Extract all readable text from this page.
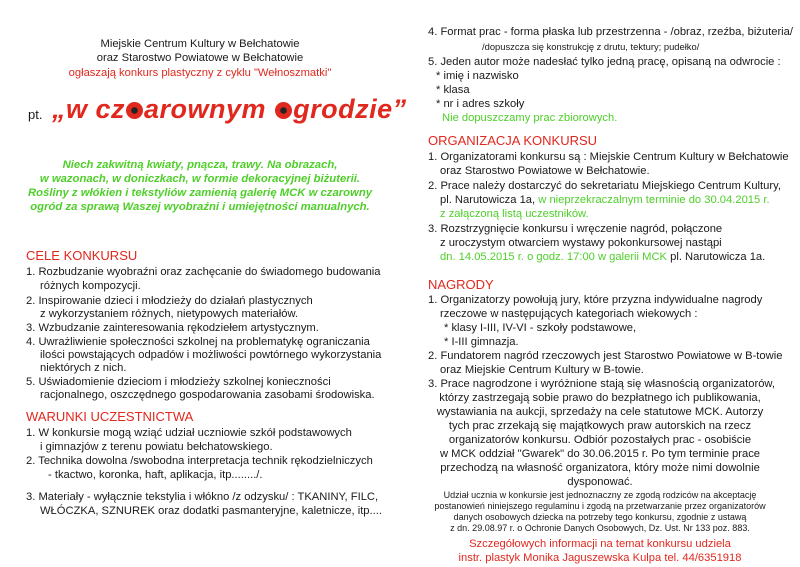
Miejskie Centrum Kultury w Bełchatowie
oraz Starostwo Powiatowe w Bełchatowie
ogłaszają konkurs plastyczny z cyklu "Wełnoszmatki"
pt. „w cz arownym grodzie”
Niech zakwitną kwiaty, pnącza, trawy. Na obrazach,
w wazonach, w doniczkach, w formie dekoracyjnej biżuterii.
Rośliny z włókien i tekstyliów zamienią galerię MCK w czarowny
ogród za sprawą Waszej wyobraźni i umiejętności manualnych.
CELE KONKURSU
1. Rozbudzanie wyobraźni oraz zachęcanie do świadomego budowania
różnych kompozycji.
2. Inspirowanie dzieci i młodzieży do działań plastycznych
z wykorzystaniem różnych, nietypowych materiałów.
3. Wzbudzanie zainteresowania rękodziełem artystycznym.
4. Uwrażliwienie społeczności szkolnej na problematykę ograniczania
ilości powstających odpadów i możliwości powtórnego wykorzystania
niektórych z nich.
5. Uświadomienie dzieciom i młodzieży szkolnej konieczności
racjonalnego, oszczędnego gospodarowania zasobami środowiska.
WARUNKI UCZESTNICTWA
1. W konkursie mogą wziąć udział uczniowie szkół podstawowych
i gimnazjów z terenu powiatu bełchatowskiego.
2. Technika dowolna /swobodna interpretacja technik rękodzielniczych
- tkactwo, koronka, haft, aplikacja, itp......../.
3. Materiały - wyłącznie tekstylia i włókno /z odzysku/ : TKANINY, FILC,
WŁÓCZKA, SZNUREK oraz dodatki pasmanteryjne, kaletnicze, itp....
4. Format prac - forma płaska lub przestrzenna - /obraz, rzeźba, biżuteria/
/dopuszcza się konstrukcję z drutu, tektury; pudełko/
5. Jeden autor może nadesłać tylko jedną pracę, opisaną na odwrocie :
* imię i nazwisko
* klasa
* nr i adres szkoły
Nie dopuszczamy prac zbiorowych.
ORGANIZACJA KONKURSU
1. Organizatorami konkursu są : Miejskie Centrum Kultury w Bełchatowie
oraz Starostwo Powiatowe w Bełchatowie.
2. Prace należy dostarczyć do sekretariatu Miejskiego Centrum Kultury,
pl. Narutowicza 1a, w nieprzekraczalnym terminie do 30.04.2015 r.
z załączoną listą uczestników.
3. Rozstrzygnięcie konkursu i wręczenie nagród, połączone
z uroczystym otwarciem wystawy pokonkursowej nastąpi
dn. 14.05.2015 r. o godz. 17:00 w galerii MCK pl. Narutowicza 1a.
NAGRODY
1. Organizatorzy powołują jury, które przyzna indywidualne nagrody
rzeczowe w następujących kategoriach wiekowych :
* klasy I-III, IV-VI - szkoły podstawowe,
* I-III gimnazja.
2. Fundatorem nagród rzeczowych jest Starostwo Powiatowe w B-towie
oraz Miejskie Centrum Kultury w B-towie.
3. Prace nagrodzone i wyróżnione stają się własnością organizatorów,
którzy zastrzegają sobie prawo do bezpłatnego ich publikowania,
wystawiania na aukcji, sprzedaży na cele statutowe MCK. Autorzy
tych prac zrzekają się majątkowych praw autorskich na rzecz
organizatorów konkursu. Odbiór pozostałych prac - osobiście
w MCK oddział "Gwarek" do 30.06.2015 r. Po tym terminie prace
przechodzą na własność organizatora, który może nimi dowolnie
dysponować.
Udział ucznia w konkursie jest jednoznaczny ze zgodą rodziców na akceptację
postanowień niniejszego regulaminu i zgodą na przetwarzanie przez organizatorów
danych osobowych dziecka na potrzeby tego konkursu, zgodnie z ustawą
z dn. 29.08.97 r. o Ochronie Danych Osobowych, Dz. Ust. Nr 133 poz. 883.
Szczegółowych informacji na temat konkursu udziela
instr. plastyk Monika Jaguszewska Kulpa tel. 44/6351918
